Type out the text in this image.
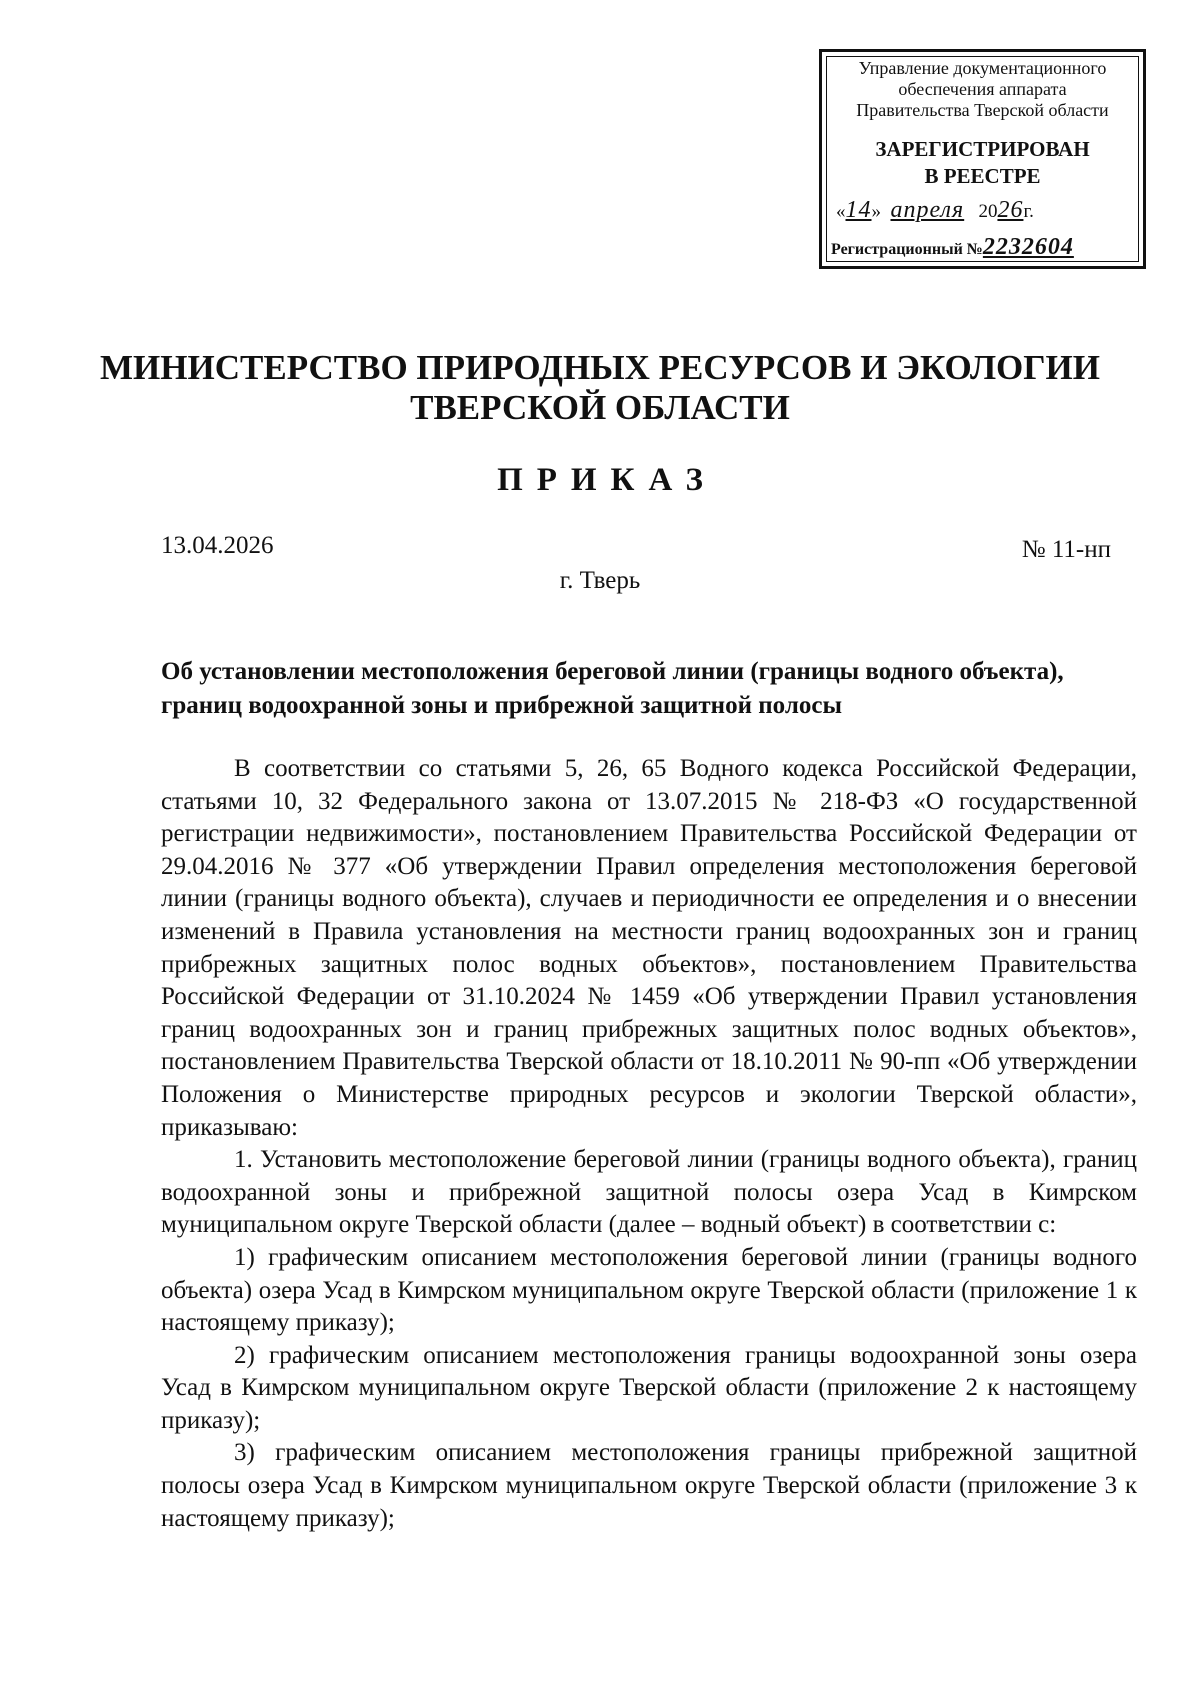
Управление документационного
обеспечения аппарата
Правительства Тверской области
ЗАРЕГИСТРИРОВАН
В РЕЕСТРЕ
«14» апреля 2026г.
Регистрационный №2232604
МИНИСТЕРСТВО ПРИРОДНЫХ РЕСУРСОВ И ЭКОЛОГИИ
ТВЕРСКОЙ ОБЛАСТИ
ПРИКАЗ
13.04.2026	№ 11-нп
г. Тверь
Об установлении местоположения береговой линии (границы водного объекта), границ водоохранной зоны и прибрежной защитной полосы

В соответствии со статьями 5, 26, 65 Водного кодекса Российской Федерации, статьями 10, 32 Федерального закона от 13.07.2015 № 218-ФЗ «О государственной регистрации недвижимости», постановлением Правительства Российской Федерации от 29.04.2016 № 377 «Об утверждении Правил определения местоположения береговой линии (границы водного объекта), случаев и периодичности ее определения и о внесении изменений в Правила установления на местности границ водоохранных зон и границ прибрежных защитных полос водных объектов», постановлением Правительства Российской Федерации от 31.10.2024 № 1459 «Об утверждении Правил установления границ водоохранных зон и границ прибрежных защитных полос водных объектов», постановлением Правительства Тверской области от 18.10.2011 № 90-пп «Об утверждении Положения о Министерстве природных ресурсов и экологии Тверской области», приказываю:

1. Установить местоположение береговой линии (границы водного объекта), границ водоохранной зоны и прибрежной защитной полосы озера Усад в Кимрском муниципальном округе Тверской области (далее – водный объект) в соответствии с:

1) графическим описанием местоположения береговой линии (границы водного объекта) озера Усад в Кимрском муниципальном округе Тверской области (приложение 1 к настоящему приказу);

2) графическим описанием местоположения границы водоохранной зоны озера Усад в Кимрском муниципальном округе Тверской области (приложение 2 к настоящему приказу);

3) графическим описанием местоположения границы прибрежной защитной полосы озера Усад в Кимрском муниципальном округе Тверской области (приложение 3 к настоящему приказу);
